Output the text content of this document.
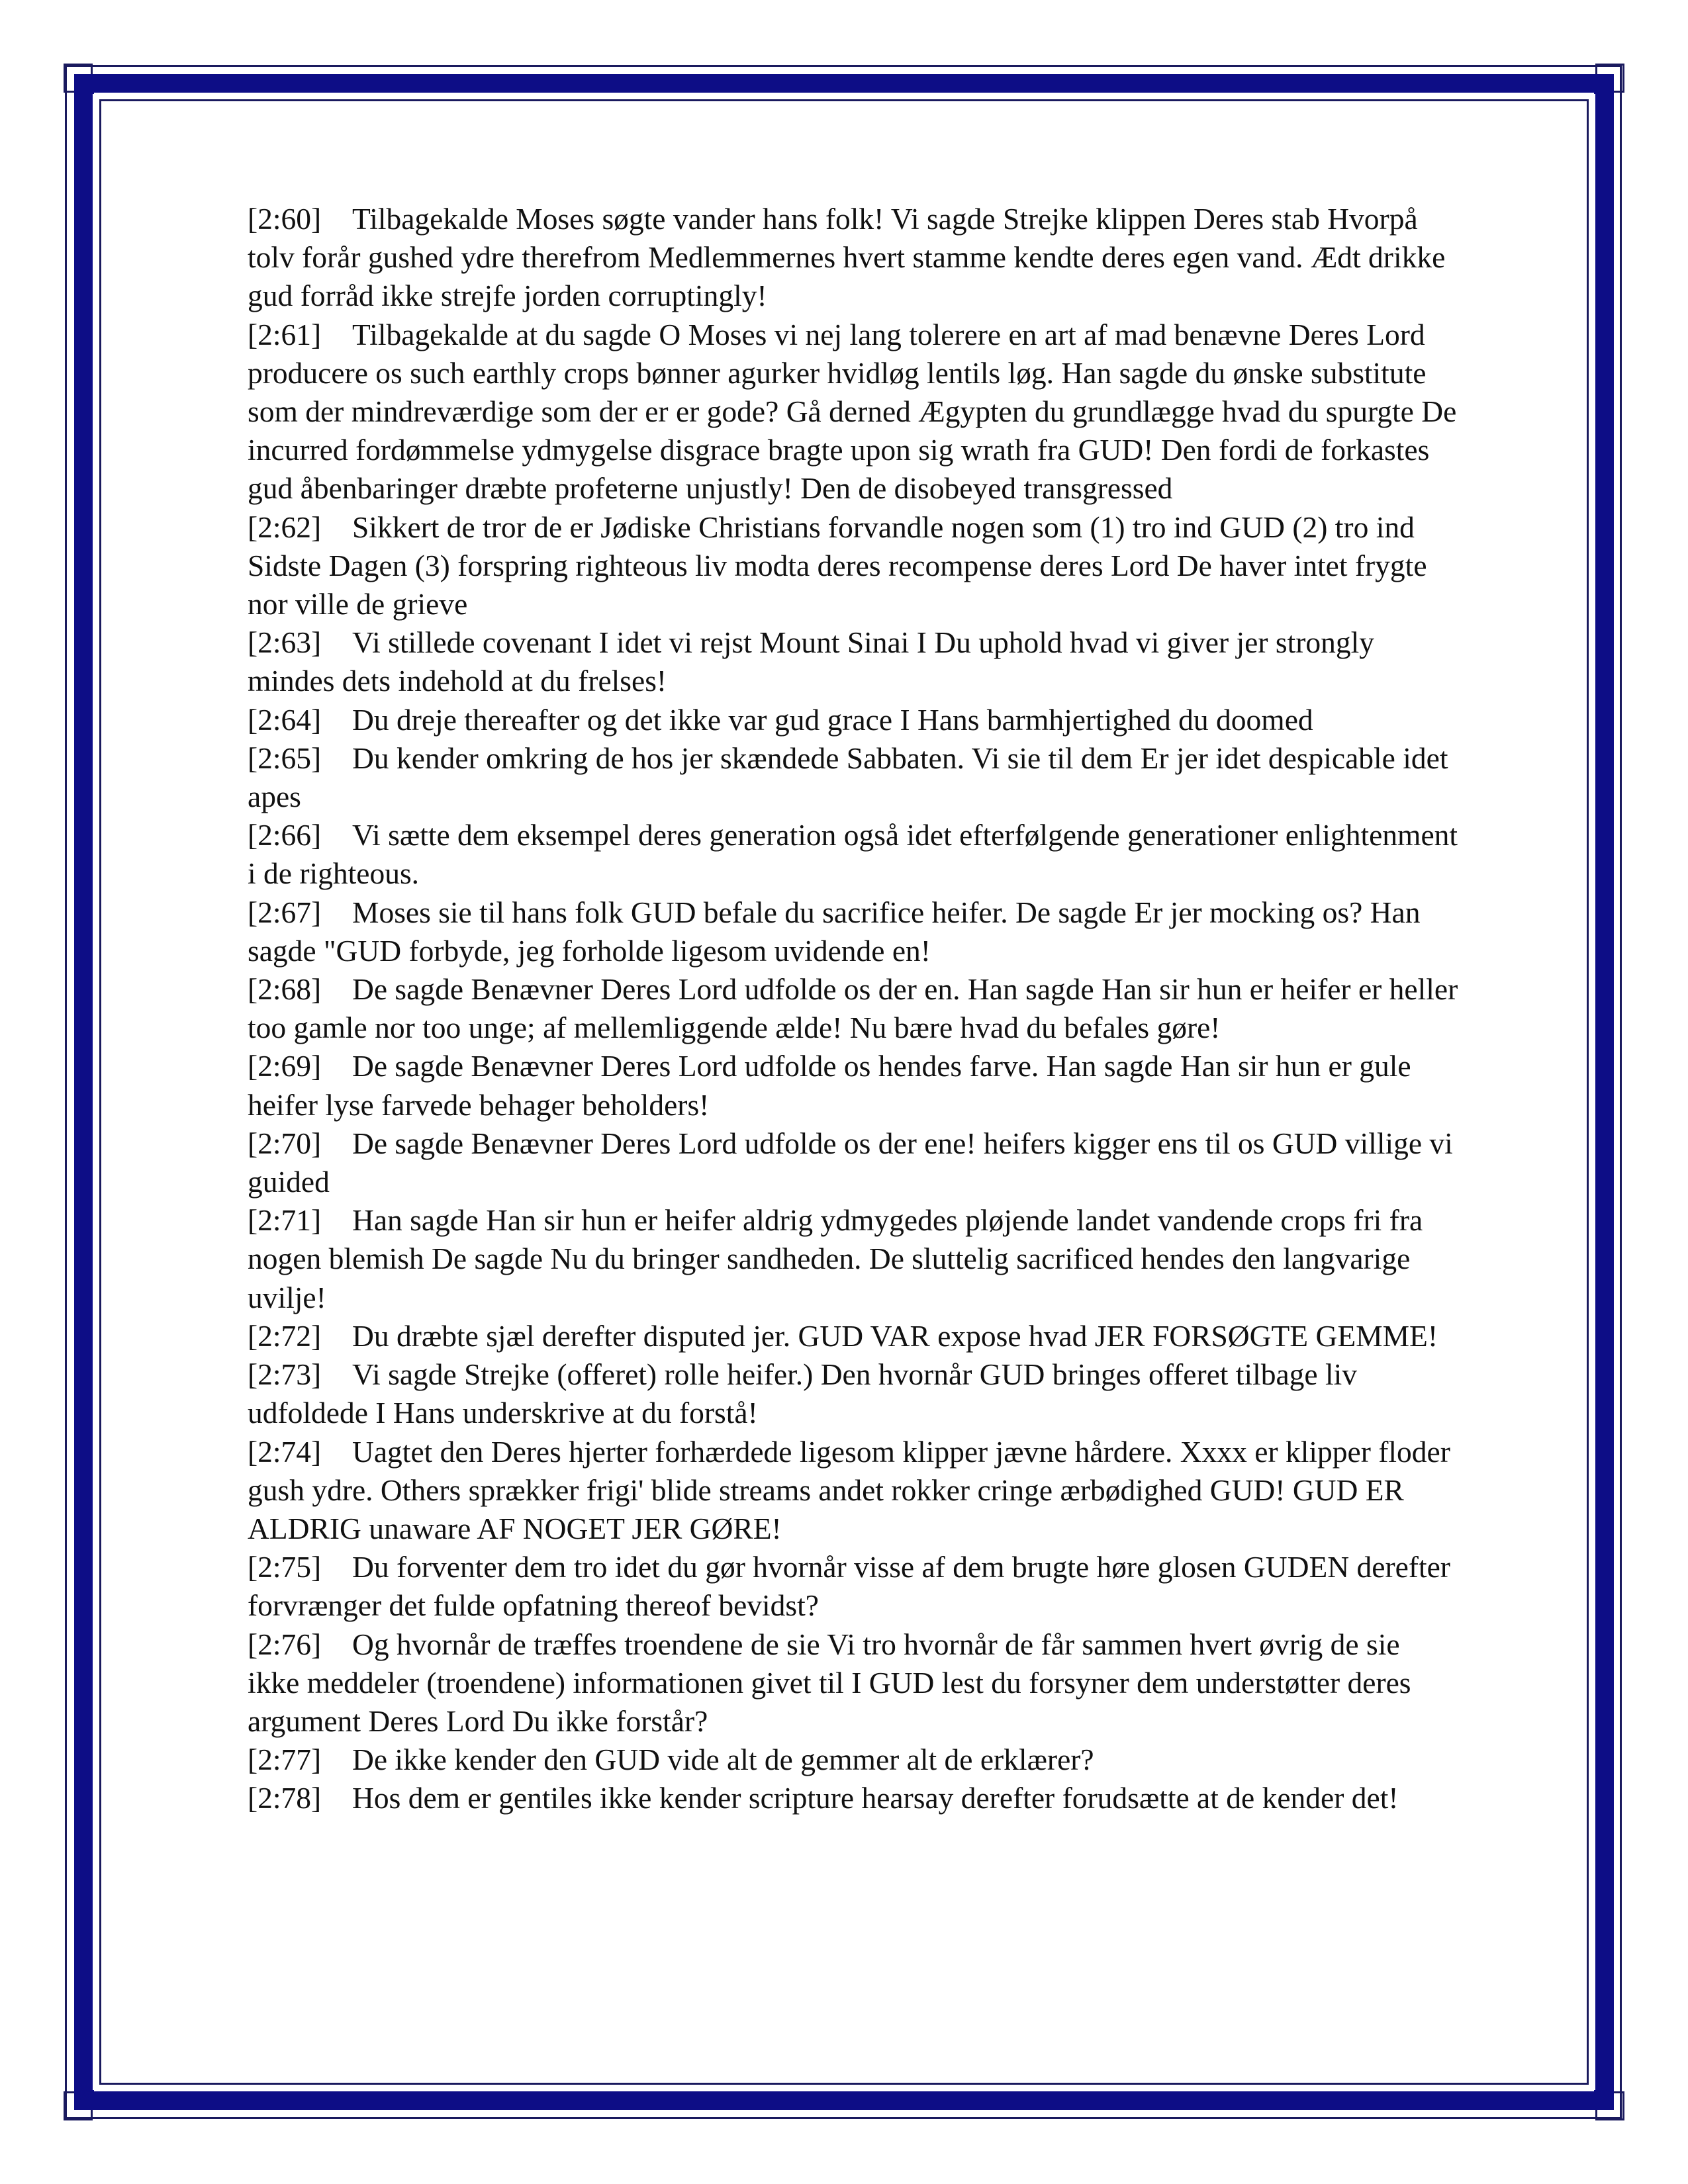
[2:60] Tilbagekalde Moses søgte vander hans folk! Vi sagde Strejke klippen Deres stab Hvorpå tolv forår gushed ydre therefrom Medlemmernes hvert stamme kendte deres egen vand. Ædt drikke gud forråd ikke strejfe jorden corruptingly!

[2:61] Tilbagekalde at du sagde O Moses vi nej lang tolerere en art af mad benævne Deres Lord producere os such earthly crops bønner agurker hvidløg lentils løg. Han sagde du ønske substitute som der mindreværdige som der er er gode? Gå derned Ægypten du grundlægge hvad du spurgte De incurred fordømmelse ydmygelse disgrace bragte upon sig wrath fra GUD! Den fordi de forkastes gud åbenbaringer dræbte profeterne unjustly! Den de disobeyed transgressed

[2:62] Sikkert de tror de er Jødiske Christians forvandle nogen som (1) tro ind GUD (2) tro ind Sidste Dagen (3) forspring righteous liv modta deres recompense deres Lord De haver intet frygte nor ville de grieve

[2:63] Vi stillede covenant I idet vi rejst Mount Sinai I Du uphold hvad vi giver jer strongly mindes dets indehold at du frelses!

[2:64] Du dreje thereafter og det ikke var gud grace I Hans barmhjertighed du doomed

[2:65] Du kender omkring de hos jer skændede Sabbaten. Vi sie til dem Er jer idet despicable idet apes

[2:66] Vi sætte dem eksempel deres generation også idet efterfølgende generationer enlightenment i de righteous.

[2:67] Moses sie til hans folk GUD befale du sacrifice heifer. De sagde Er jer mocking os? Han sagde "GUD forbyde, jeg forholde ligesom uvidende en!

[2:68] De sagde Benævner Deres Lord udfolde os der en. Han sagde Han sir hun er heifer er heller too gamle nor too unge; af mellemliggende ælde! Nu bære hvad du befales gøre!

[2:69] De sagde Benævner Deres Lord udfolde os hendes farve. Han sagde Han sir hun er gule heifer lyse farvede behager beholders!

[2:70] De sagde Benævner Deres Lord udfolde os der ene! heifers kigger ens til os GUD villige vi guided

[2:71] Han sagde Han sir hun er heifer aldrig ydmygedes pløjende landet vandende crops fri fra nogen blemish De sagde Nu du bringer sandheden. De sluttelig sacrificed hendes den langvarige uvilje!

[2:72] Du dræbte sjæl derefter disputed jer. GUD VAR expose hvad JER FORSØGTE GEMME!

[2:73] Vi sagde Strejke (offeret) rolle heifer.) Den hvornår GUD bringes offeret tilbage liv udfoldede I Hans underskrive at du forstå!

[2:74] Uagtet den Deres hjerter forhærdede ligesom klipper jævne hårdere. Xxxx er klipper floder gush ydre. Others sprækker frigi' blide streams andet rokker cringe ærbødighed GUD! GUD ER ALDRIG unaware AF NOGET JER GØRE!

[2:75] Du forventer dem tro idet du gør hvornår visse af dem brugte høre glosen GUDEN derefter forvrænger det fulde opfatning thereof bevidst?

[2:76] Og hvornår de træffes troendene de sie Vi tro hvornår de får sammen hvert øvrig de sie ikke meddeler (troendene) informationen givet til I GUD lest du forsyner dem understøtter deres argument Deres Lord Du ikke forstår?

[2:77] De ikke kender den GUD vide alt de gemmer alt de erklærer?

[2:78] Hos dem er gentiles ikke kender scripture hearsay derefter forudsætte at de kender det!
